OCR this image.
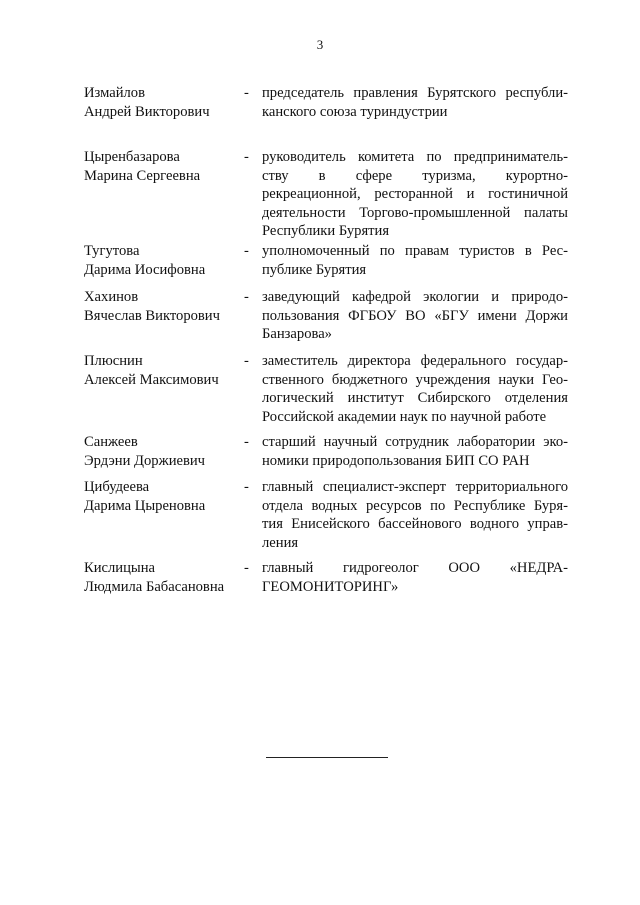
3
Измайлов
Андрей Викторович
- председатель правления Бурятского республи-
канского союза туриндустрии
Цыренбазарова
Марина Сергеевна
- руководитель комитета по предприниматель-
ству в сфере туризма, курортно-
рекреационной, ресторанной и гостиничной
деятельности Торгово-промышленной палаты
Республики Бурятия
Тугутова
Дарима Иосифовна
- уполномоченный по правам туристов в Рес-
публике Бурятия
Хахинов
Вячеслав Викторович
- заведующий кафедрой экологии и природо-
пользования ФГБОУ ВО «БГУ имени Доржи
Банзарова»
Плюснин
Алексей Максимович
- заместитель директора федерального государ-
ственного бюджетного учреждения науки Гео-
логический институт Сибирского отделения
Российской академии наук по научной работе
Санжеев
Эрдэни Доржиевич
- старший научный сотрудник лаборатории эко-
номики природопользования БИП СО РАН
Цибудеева
Дарима Цыреновна
- главный специалист-эксперт территориального
отдела водных ресурсов по Республике Буря-
тия Енисейского бассейнового водного управ-
ления
Кислицына
Людмила Бабасановна
- главный гидрогеолог ООО «НЕДРА-
ГЕОМОНИТОРИНГ»
